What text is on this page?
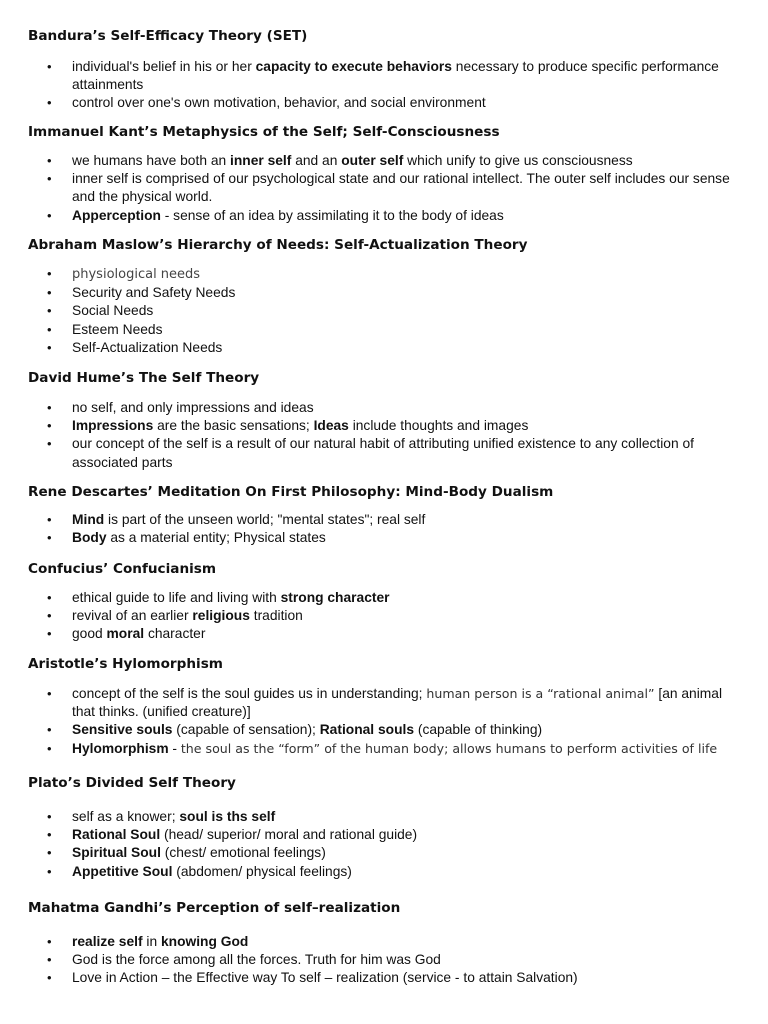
Bandura’s Self-Efficacy Theory (SET)
• individual's belief in his or her capacity to execute behaviors necessary to produce specific performance attainments
• control over one's own motivation, behavior, and social environment
Immanuel Kant’s Metaphysics of the Self; Self-Consciousness
• we humans have both an inner self and an outer self which unify to give us consciousness
• inner self is comprised of our psychological state and our rational intellect. The outer self includes our sense and the physical world.
• Apperception - sense of an idea by assimilating it to the body of ideas
Abraham Maslow’s Hierarchy of Needs: Self-Actualization Theory
• physiological needs
• Security and Safety Needs
• Social Needs
• Esteem Needs
• Self-Actualization Needs
David Hume’s The Self Theory
• no self, and only impressions and ideas
• Impressions are the basic sensations; Ideas include thoughts and images
• our concept of the self is a result of our natural habit of attributing unified existence to any collection of associated parts
Rene Descartes’ Meditation On First Philosophy: Mind-Body Dualism
• Mind is part of the unseen world; "mental states"; real self
• Body as a material entity; Physical states
Confucius’ Confucianism
• ethical guide to life and living with strong character
• revival of an earlier religious tradition
• good moral character
Aristotle’s Hylomorphism
• concept of the self is the soul guides us in understanding; human person is a “rational animal” [an animal that thinks. (unified creature)]
• Sensitive souls (capable of sensation); Rational souls (capable of thinking)
• Hylomorphism - the soul as the “form” of the human body; allows humans to perform activities of life
Plato’s Divided Self Theory
• self as a knower; soul is ths self
• Rational Soul (head/ superior/ moral and rational guide)
• Spiritual Soul (chest/ emotional feelings)
• Appetitive Soul (abdomen/ physical feelings)
Mahatma Gandhi’s Perception of self–realization
• realize self in knowing God
• God is the force among all the forces. Truth for him was God
• Love in Action – the Effective way To self – realization (service - to attain Salvation)
